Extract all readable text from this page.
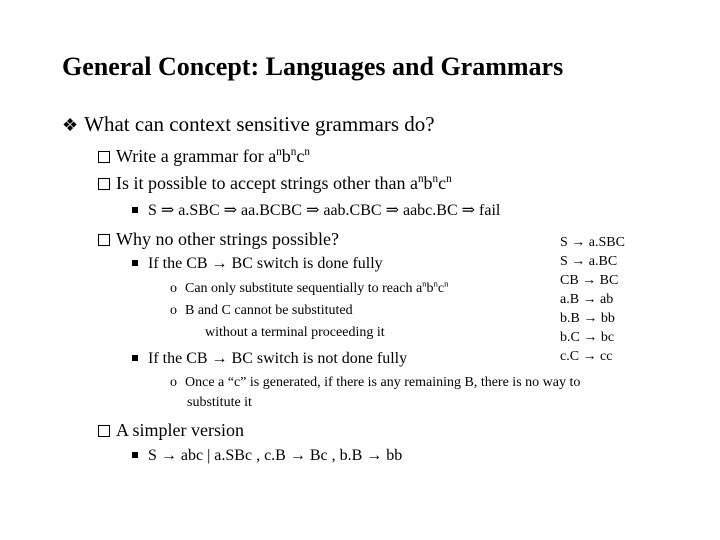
General Concept: Languages and Grammars
❖ What can context sensitive grammars do?
Write a grammar for $a^nb^nc^n$
Is it possible to accept strings other than $a^nb^nc^n$
S ⇒ a.SBC ⇒ aa.BCBC ⇒ aab.CBC ⇒ aabc.BC ⇒ fail
Why no other strings possible?
If the CB → BC switch is done fully
o Can only substitute sequentially to reach $a^nb^nc^n$
o B and C cannot be substituted
without a terminal proceeding it
If the CB → BC switch is not done fully
o Once a “c” is generated, if there is any remaining B, there is no way to
substitute it
A simpler version
S → abc | a.SBc , c.B → Bc , b.B → bb
S → a.SBC
S → a.BC
CB → BC
a.B → ab
b.B → bb
b.C → bc
c.C → cc
